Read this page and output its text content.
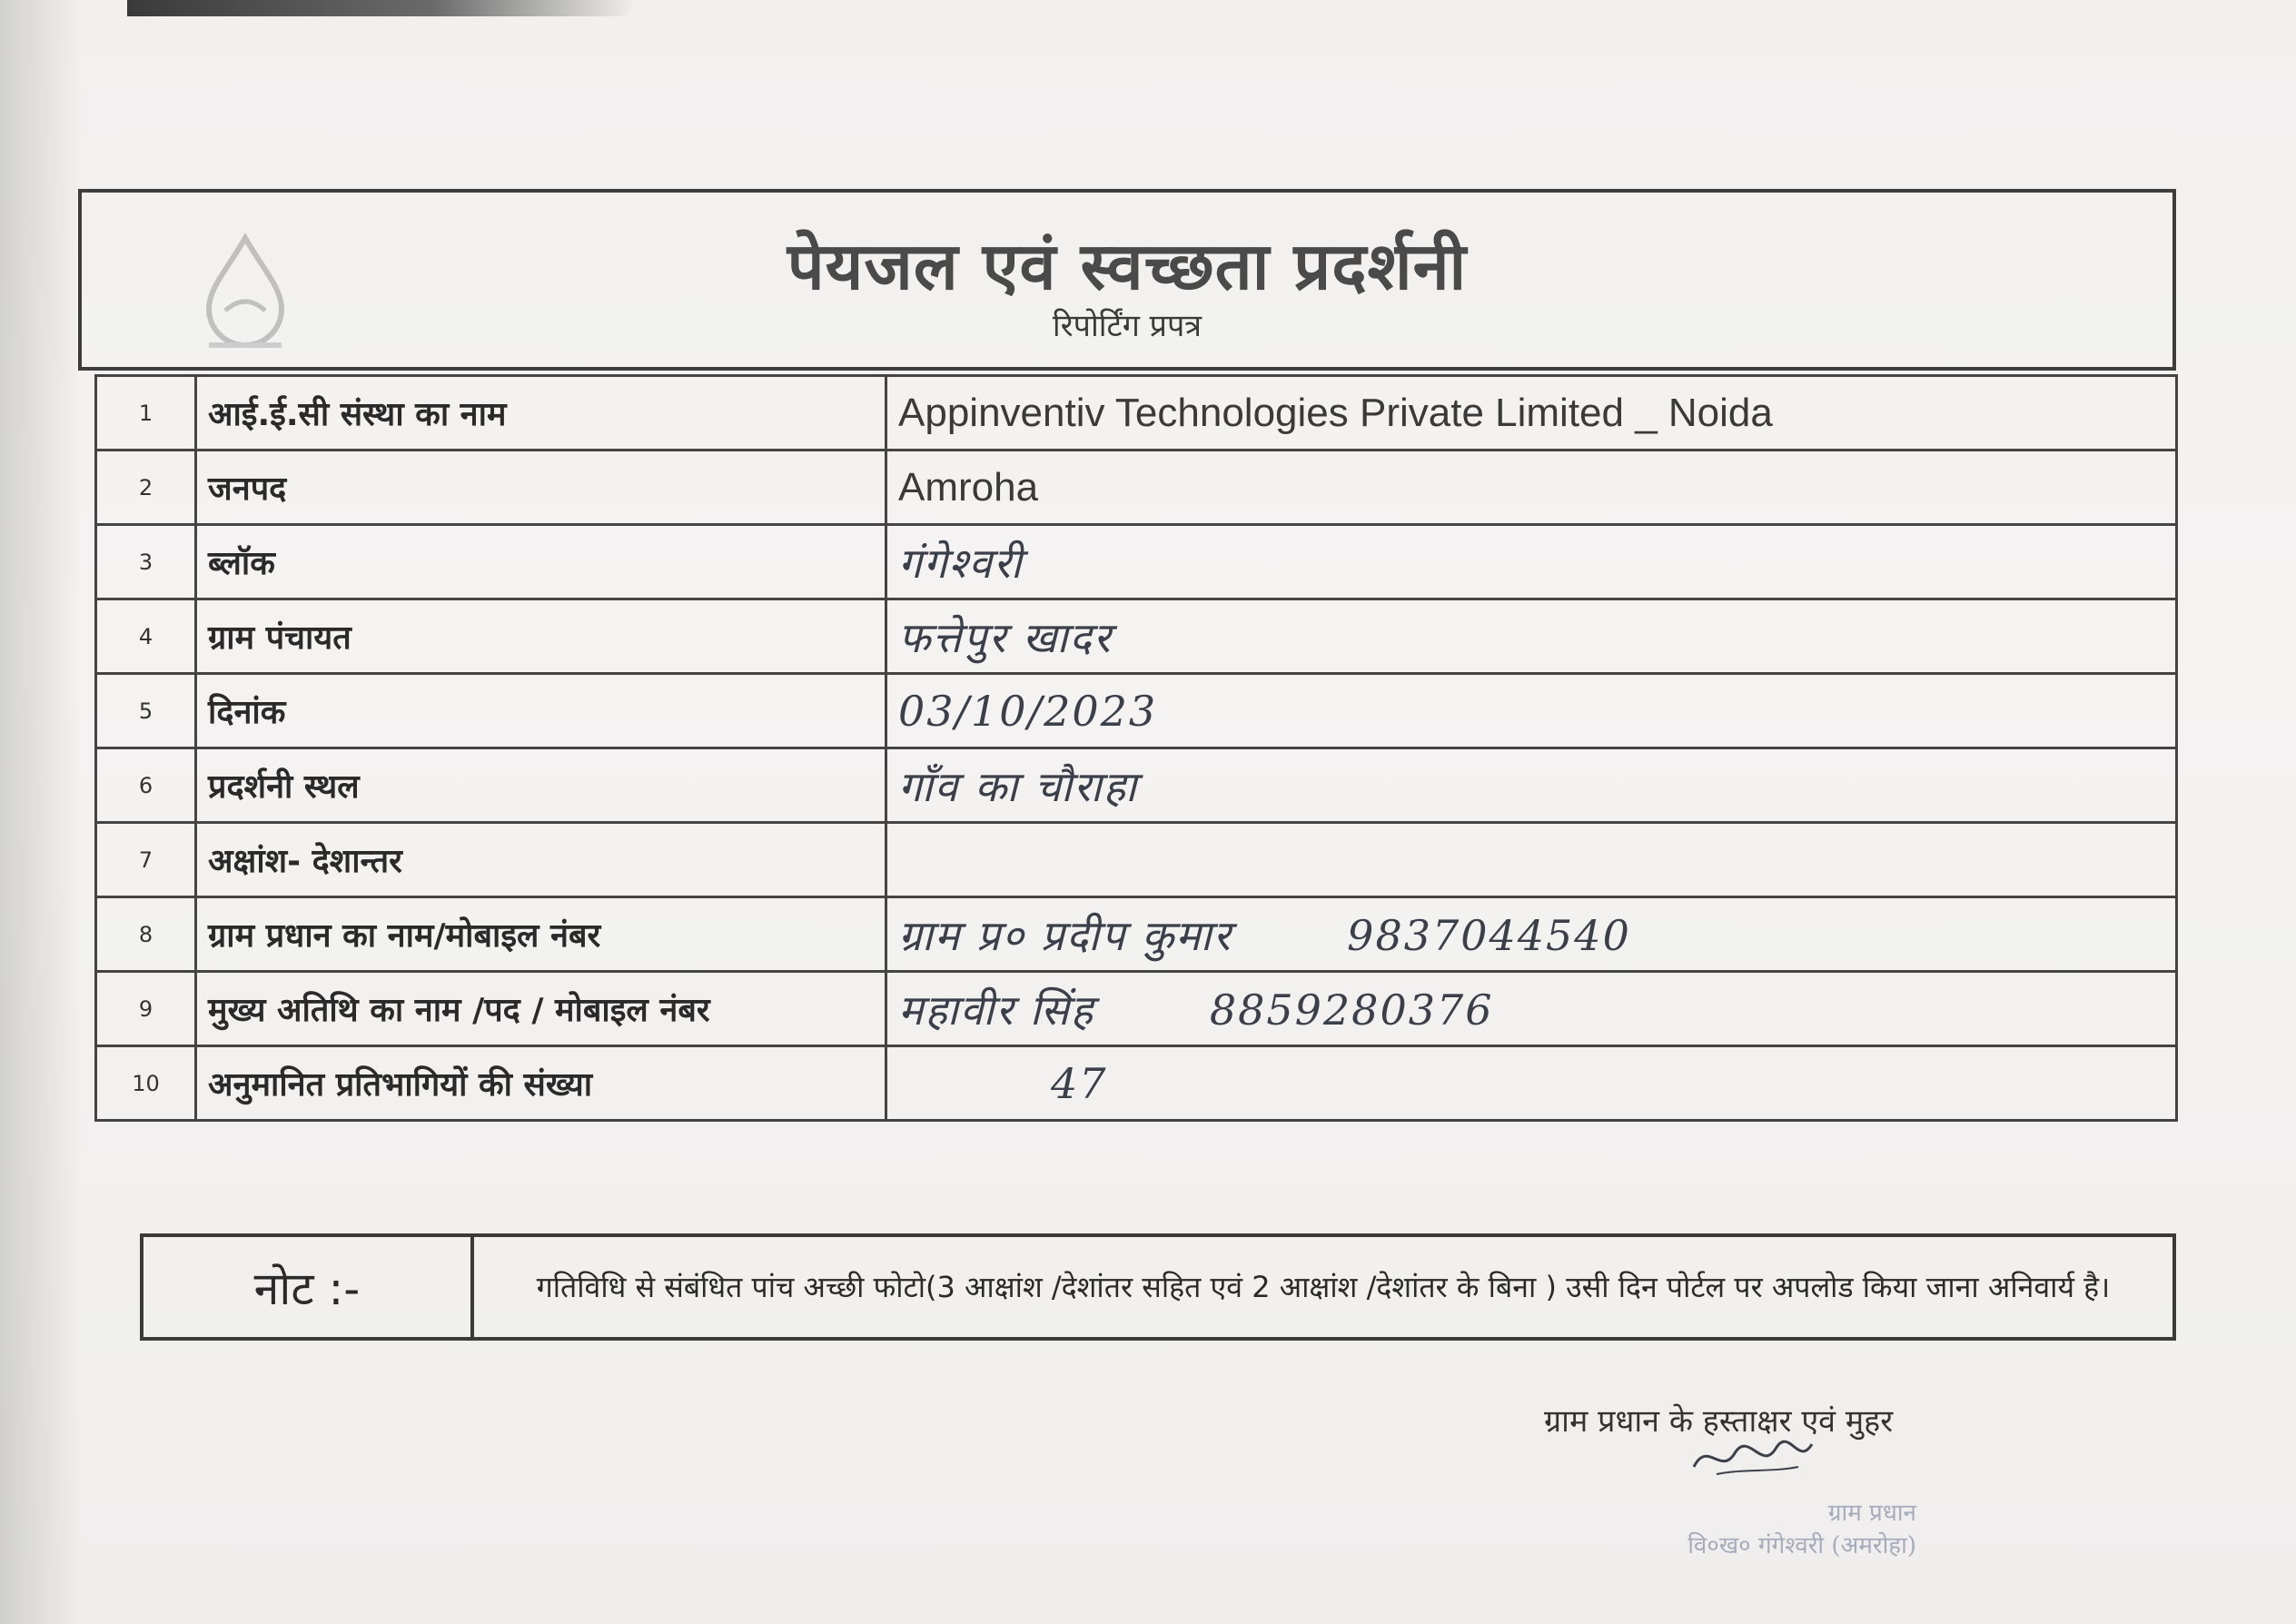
पेयजल एवं स्वच्छता प्रदर्शनी
रिपोर्टिंग प्रपत्र
1	आई.ई.सी संस्था का नाम	Appinventiv Technologies Private Limited _ Noida
2	जनपद	Amroha
3	ब्लॉक	गंगेश्वरी
4	ग्राम पंचायत	फत्तेपुर खादर
5	दिनांक	03/10/2023
6	प्रदर्शनी स्थल	गाँव का चौराहा
7	अक्षांश- देशान्तर	
8	ग्राम प्रधान का नाम/मोबाइल नंबर	ग्राम प्र० प्रदीप कुमार 9837044540
9	मुख्य अतिथि का नाम /पद / मोबाइल नंबर	महावीर सिंह 8859280376
10	अनुमानित प्रतिभागियों की संख्या	47
नोट :-	गतिविधि से संबंधित पांच अच्छी फोटो(3 आक्षांश /देशांतर सहित एवं 2 आक्षांश /देशांतर के बिना ) उसी दिन पोर्टल पर अपलोड किया जाना अनिवार्य है।
ग्राम प्रधान के हस्ताक्षर एवं मुहर
ग्राम प्रधान
वि०ख० गंगेश्वरी (अमरोहा)
